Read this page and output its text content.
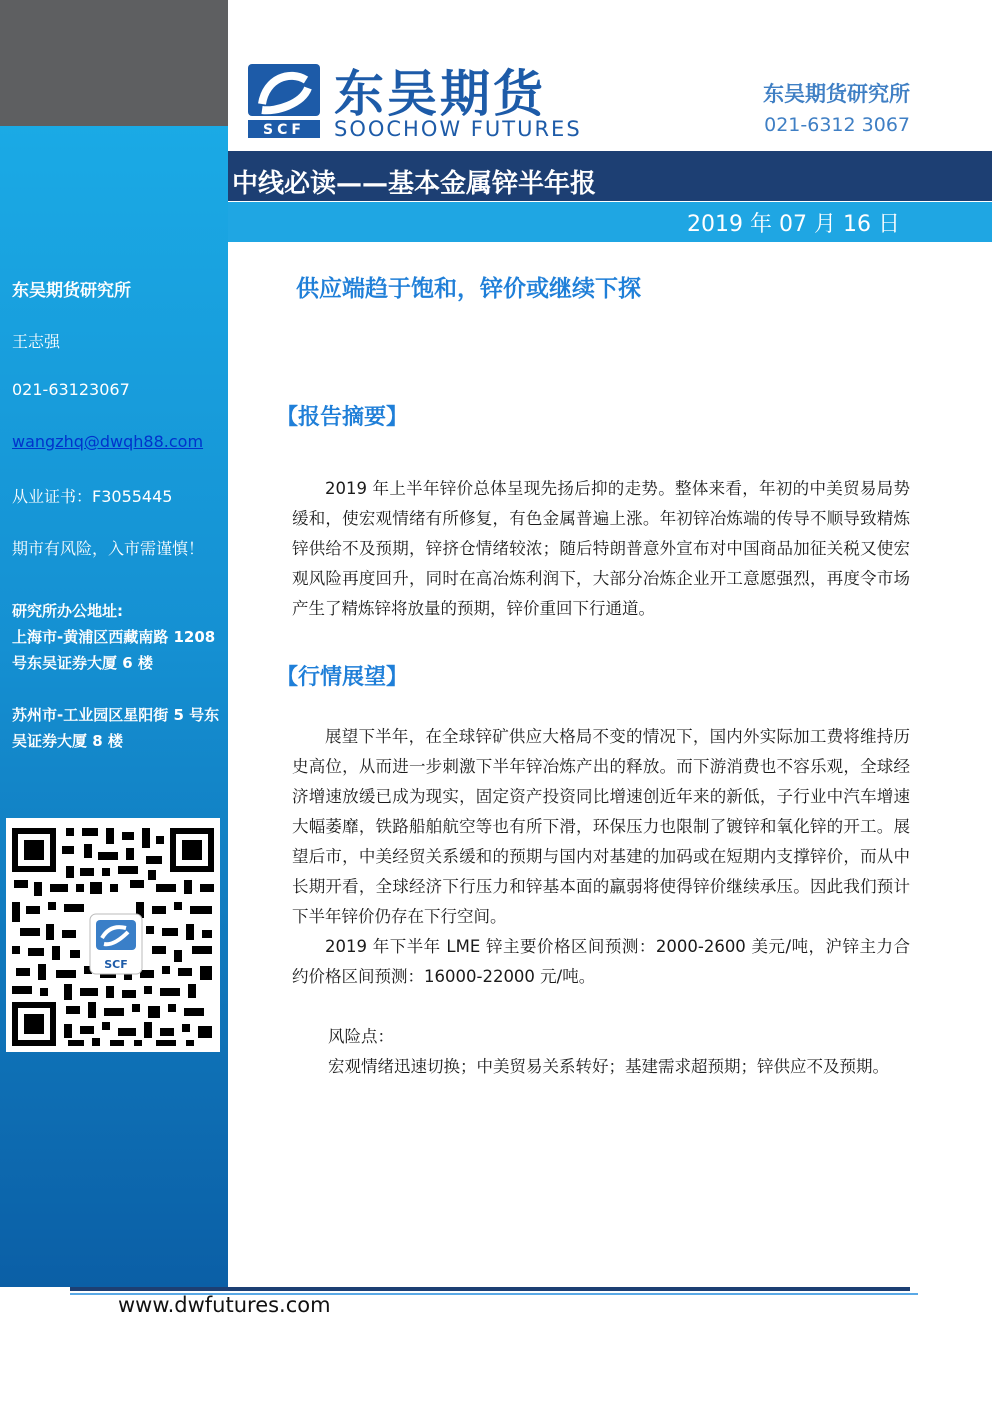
东吴期货研究所
王志强
021-63123067
wangzhq@dwqh88.com
从业证书：F3055445
期市有风险，入市需谨慎！
研究所办公地址:
上海市-黄浦区西藏南路 1208 号东吴证券大厦 6 楼
苏州市-工业园区星阳街 5 号东吴证券大厦 8 楼
SCF
SCF
东吴期货
SOOCHOW FUTURES
东吴期货研究所
021-6312 3067
中线必读——基本金属锌半年报
2019 年 07 月 16 日
供应端趋于饱和，锌价或继续下探
【报告摘要】

2019 年上半年锌价总体呈现先扬后抑的走势。整体来看，年初的中美贸易局势缓和，使宏观情绪有所修复，有色金属普遍上涨。年初锌冶炼端的传导不顺导致精炼锌供给不及预期，锌挤仓情绪较浓；随后特朗普意外宣布对中国商品加征关税又使宏观风险再度回升，同时在高冶炼利润下，大部分冶炼企业开工意愿强烈，再度令市场产生了精炼锌将放量的预期，锌价重回下行通道。

【行情展望】

展望下半年，在全球锌矿供应大格局不变的情况下，国内外实际加工费将维持历史高位，从而进一步刺激下半年锌冶炼产出的释放。而下游消费也不容乐观，全球经济增速放缓已成为现实，固定资产投资同比增速创近年来的新低，子行业中汽车增速大幅萎靡，铁路船舶航空等也有所下滑，环保压力也限制了镀锌和氧化锌的开工。展望后市，中美经贸关系缓和的预期与国内对基建的加码或在短期内支撑锌价，而从中长期开看，全球经济下行压力和锌基本面的羸弱将使得锌价继续承压。因此我们预计下半年锌价仍存在下行空间。

2019 年下半年 LME 锌主要价格区间预测：2000-2600 美元/吨，沪锌主力合约价格区间预测：16000-22000 元/吨。

风险点：
宏观情绪迅速切换；中美贸易关系转好；基建需求超预期；锌供应不及预期。
www.dwfutures.com
